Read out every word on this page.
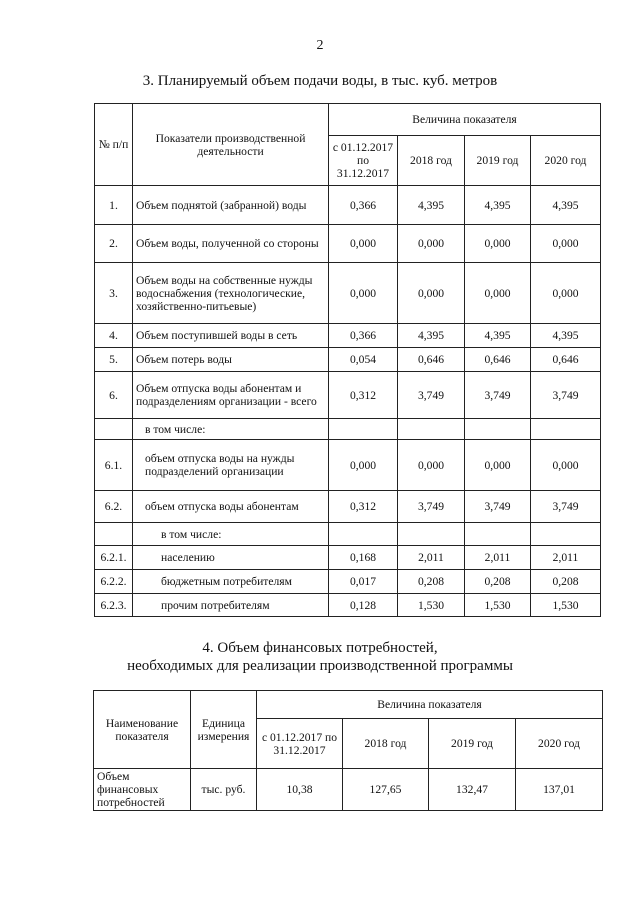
2
3. Планируемый объем подачи воды, в тыс. куб. метров
№ п/п	Показатели производственной деятельности	Величина показателя			
		с 01.12.2017 по 31.12.2017	2018 год	2019 год	2020 год
1.	Объем поднятой (забранной) воды	0,366	4,395	4,395	4,395
2.	Объем воды, полученной со стороны	0,000	0,000	0,000	0,000
3.	Объем воды на собственные нужды водоснабжения (технологические, хозяйственно-питьевые)	0,000	0,000	0,000	0,000
4.	Объем поступившей воды в сеть	0,366	4,395	4,395	4,395
5.	Объем потерь воды	0,054	0,646	0,646	0,646
6.	Объем отпуска воды абонентам и подразделениям организации - всего	0,312	3,749	3,749	3,749
	в том числе:				
6.1.	объем отпуска воды на нужды подразделений организации	0,000	0,000	0,000	0,000
6.2.	объем отпуска воды абонентам	0,312	3,749	3,749	3,749
	в том числе:				
6.2.1.	населению	0,168	2,011	2,011	2,011
6.2.2.	бюджетным потребителям	0,017	0,208	0,208	0,208
6.2.3.	прочим потребителям	0,128	1,530	1,530	1,530
4. Объем финансовых потребностей,
необходимых для реализации производственной программы
Наименование показателя	Единица измерения	Величина показателя			
		с 01.12.2017 по 31.12.2017	2018 год	2019 год	2020 год
Объем финансовых потребностей	тыс. руб.	10,38	127,65	132,47	137,01
